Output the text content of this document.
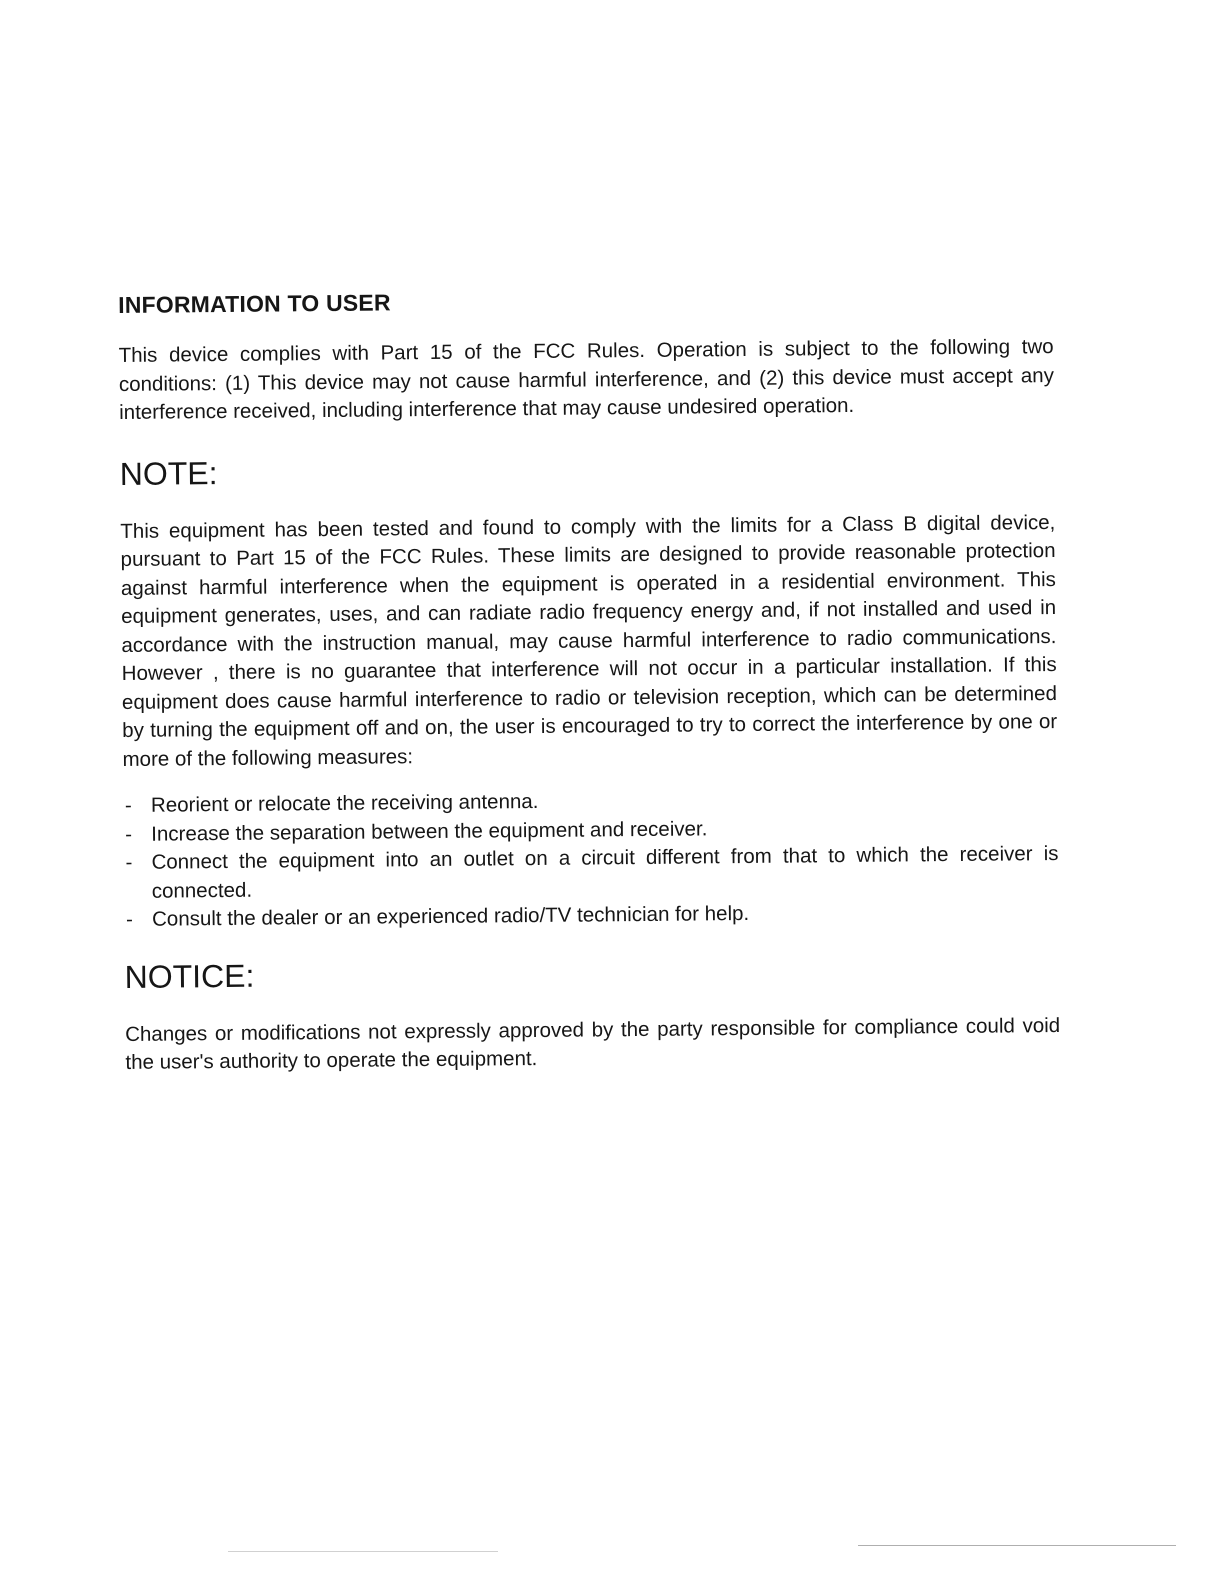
INFORMATION TO USER

This device complies with Part 15 of the FCC Rules. Operation is subject to the following two conditions: (1) This device may not cause harmful interference, and (2) this device must accept any interference received, including interference that may cause undesired operation.

NOTE:

This equipment has been tested and found to comply with the limits for a Class B digital device, pursuant to Part 15 of the FCC Rules. These limits are designed to provide reasonable protection against harmful interference when the equipment is operated in a residential environment. This equipment generates, uses, and can radiate radio frequency energy and, if not installed and used in accordance with the instruction manual, may cause harmful interference to radio communications. However , there is no guarantee that interference will not occur in a particular installation. If this equipment does cause harmful interference to radio or television reception, which can be determined by turning the equipment off and on, the user is encouraged to try to correct the interference by one or more of the following measures:

- Reorient or relocate the receiving antenna.
- Increase the separation between the equipment and receiver.
- Connect the equipment into an outlet on a circuit different from that to which the receiver is connected.
- Consult the dealer or an experienced radio/TV technician for help.
NOTICE:

Changes or modifications not expressly approved by the party responsible for compliance could void the user's authority to operate the equipment.
